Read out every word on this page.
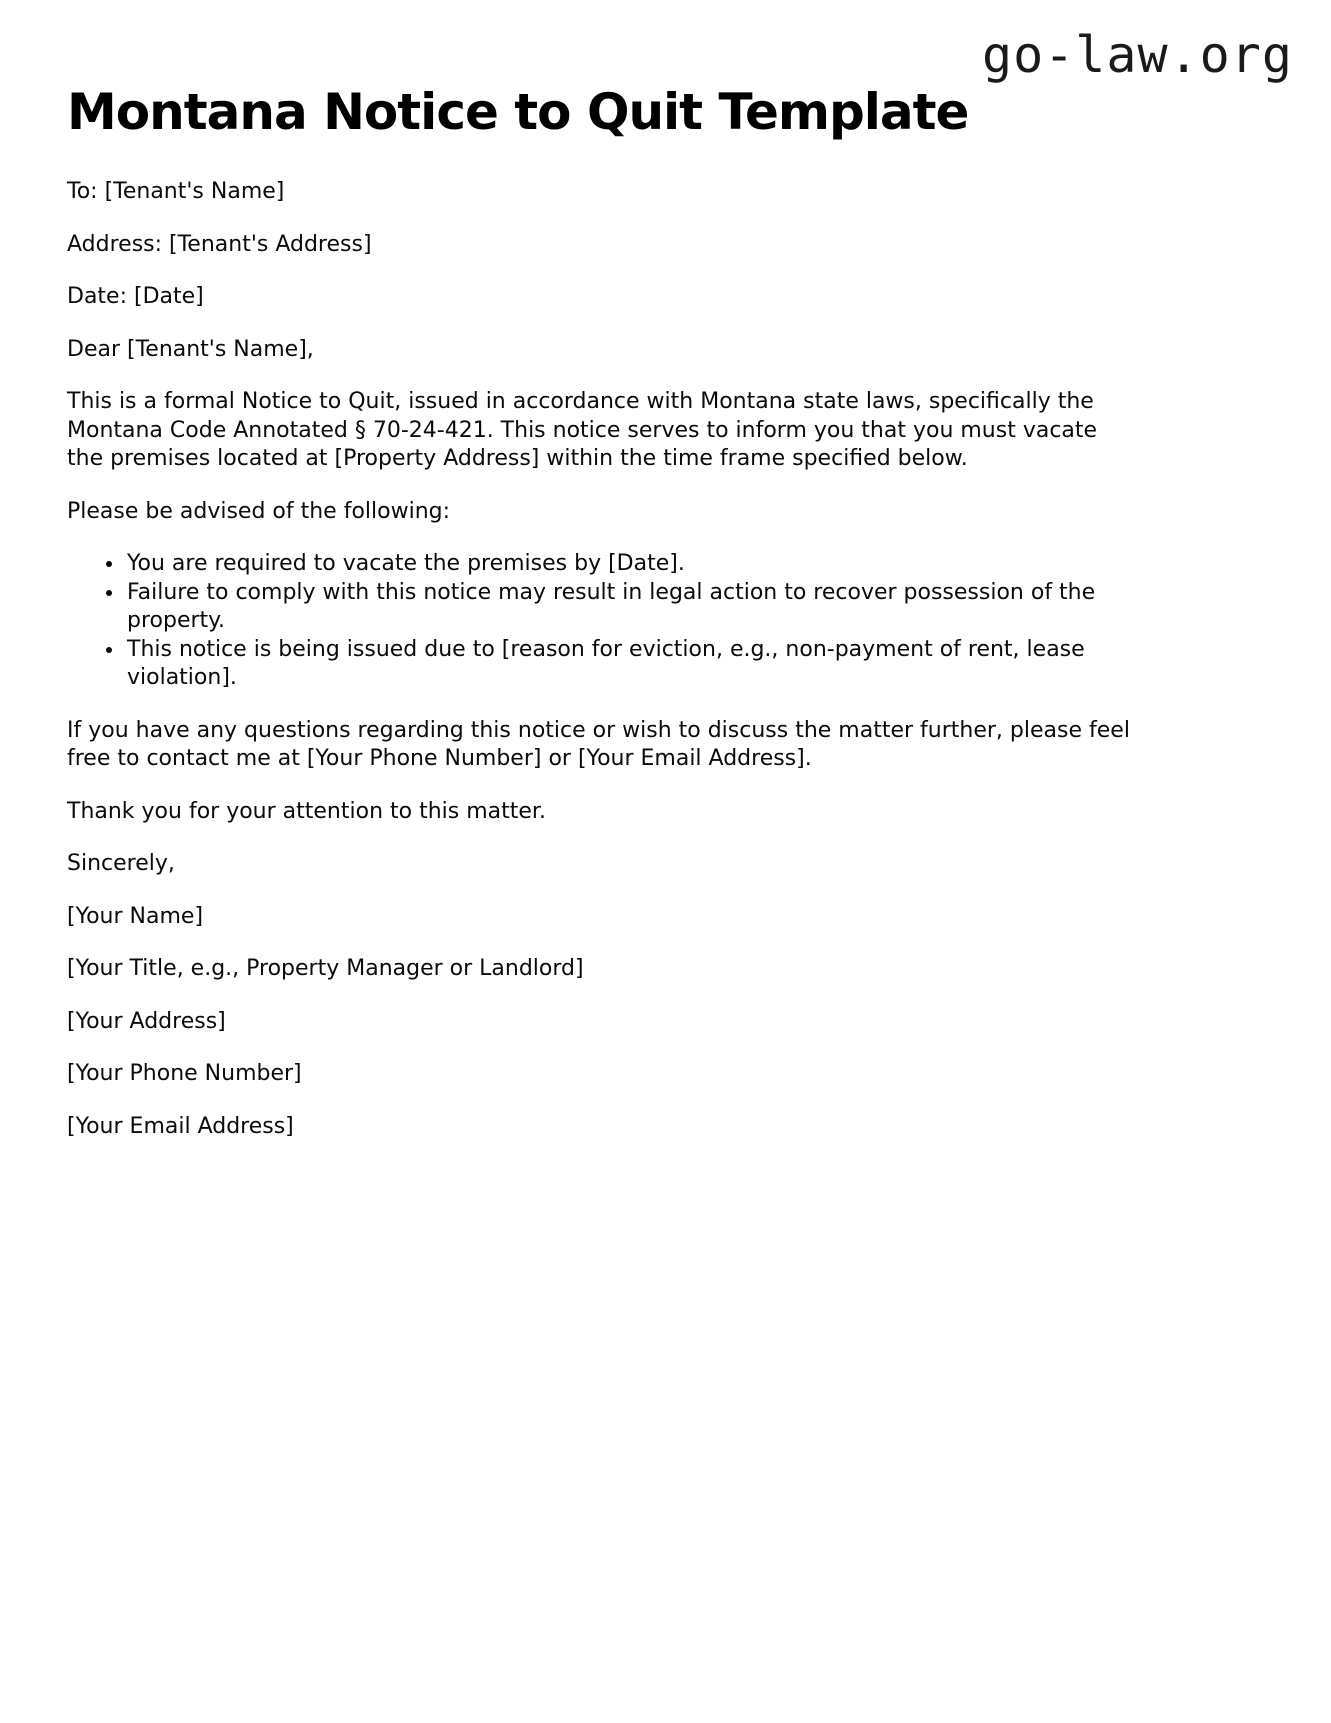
go-law.org
Montana Notice to Quit Template

To: [Tenant's Name]

Address: [Tenant's Address]

Date: [Date]

Dear [Tenant's Name],

This is a formal Notice to Quit, issued in accordance with Montana state laws, specifically the Montana Code Annotated § 70-24-421. This notice serves to inform you that you must vacate the premises located at [Property Address] within the time frame specified below.

Please be advised of the following:

• You are required to vacate the premises by [Date].
• Failure to comply with this notice may result in legal action to recover possession of the property.
• This notice is being issued due to [reason for eviction, e.g., non-payment of rent, lease violation].

If you have any questions regarding this notice or wish to discuss the matter further, please feel free to contact me at [Your Phone Number] or [Your Email Address].

Thank you for your attention to this matter.

Sincerely,

[Your Name]

[Your Title, e.g., Property Manager or Landlord]

[Your Address]

[Your Phone Number]

[Your Email Address]
